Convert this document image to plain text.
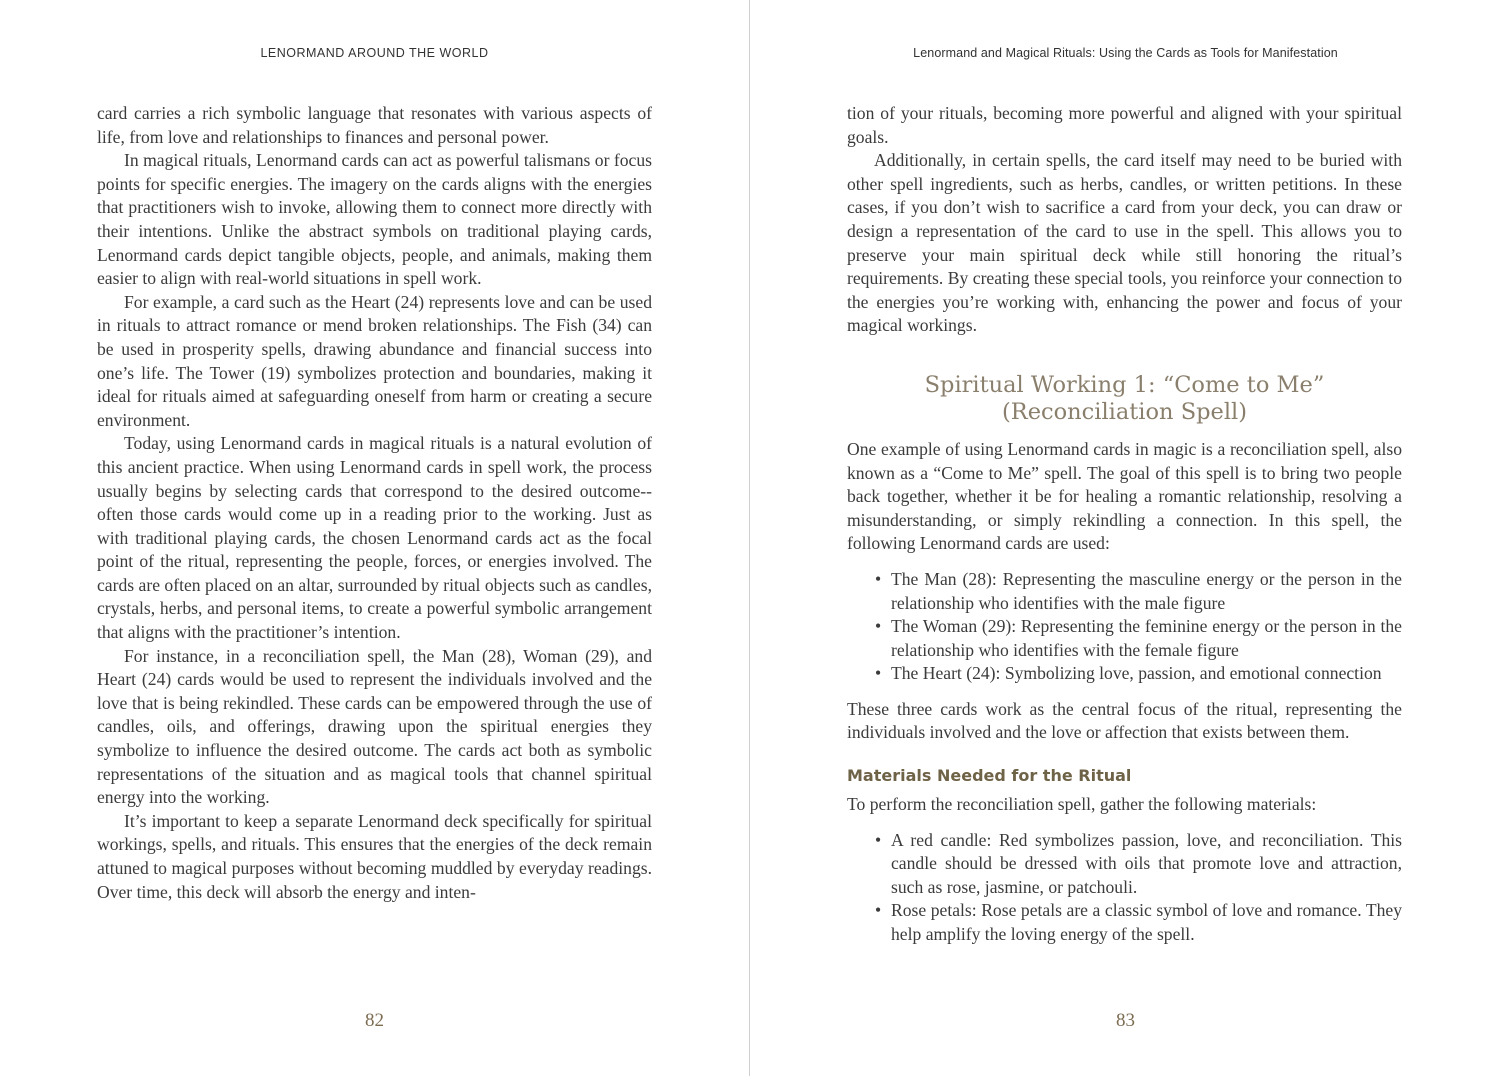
LENORMAND AROUND THE WORLD

card carries a rich symbolic language that resonates with various aspects of life, from love and relationships to finances and personal power.

In magical rituals, Lenormand cards can act as powerful talismans or focus points for specific energies. The imagery on the cards aligns with the energies that practitioners wish to invoke, allowing them to connect more directly with their intentions. Unlike the abstract symbols on traditional playing cards, Lenormand cards depict tangible objects, people, and animals, making them easier to align with real-world situations in spell work.

For example, a card such as the Heart (24) represents love and can be used in rituals to attract romance or mend broken relationships. The Fish (34) can be used in prosperity spells, drawing abundance and financial success into one’s life. The Tower (19) symbolizes protection and boundaries, making it ideal for rituals aimed at safeguarding oneself from harm or creating a secure environment.

Today, using Lenormand cards in magical rituals is a natural evolution of this ancient practice. When using Lenormand cards in spell work, the process usually begins by selecting cards that correspond to the desired outcome--often those cards would come up in a reading prior to the working. Just as with traditional playing cards, the chosen Lenormand cards act as the focal point of the ritual, representing the people, forces, or energies involved. The cards are often placed on an altar, surrounded by ritual objects such as candles, crystals, herbs, and personal items, to create a powerful symbolic arrangement that aligns with the practitioner’s intention.

For instance, in a reconciliation spell, the Man (28), Woman (29), and Heart (24) cards would be used to represent the individuals involved and the love that is being rekindled. These cards can be empowered through the use of candles, oils, and offerings, drawing upon the spiritual energies they symbolize to influence the desired outcome. The cards act both as symbolic representations of the situation and as magical tools that channel spiritual energy into the working.

It’s important to keep a separate Lenormand deck specifically for spiritual workings, spells, and rituals. This ensures that the energies of the deck remain attuned to magical purposes without becoming muddled by everyday readings. Over time, this deck will absorb the energy and inten-

82
Lenormand and Magical Rituals: Using the Cards as Tools for Manifestation

tion of your rituals, becoming more powerful and aligned with your spiritual goals.

Additionally, in certain spells, the card itself may need to be buried with other spell ingredients, such as herbs, candles, or written petitions. In these cases, if you don’t wish to sacrifice a card from your deck, you can draw or design a representation of the card to use in the spell. This allows you to preserve your main spiritual deck while still honoring the ritual’s requirements. By creating these special tools, you reinforce your connection to the energies you’re working with, enhancing the power and focus of your magical workings.

Spiritual Working 1: “Come to Me”
(Reconciliation Spell)

One example of using Lenormand cards in magic is a reconciliation spell, also known as a “Come to Me” spell. The goal of this spell is to bring two people back together, whether it be for healing a romantic relationship, resolving a misunderstanding, or simply rekindling a connection. In this spell, the following Lenormand cards are used:

• The Man (28): Representing the masculine energy or the person in the relationship who identifies with the male figure
• The Woman (29): Representing the feminine energy or the person in the relationship who identifies with the female figure
• The Heart (24): Symbolizing love, passion, and emotional connection

These three cards work as the central focus of the ritual, representing the individuals involved and the love or affection that exists between them.

Materials Needed for the Ritual

To perform the reconciliation spell, gather the following materials:

• A red candle: Red symbolizes passion, love, and reconciliation. This candle should be dressed with oils that promote love and attraction, such as rose, jasmine, or patchouli.
• Rose petals: Rose petals are a classic symbol of love and romance. They help amplify the loving energy of the spell.
83
